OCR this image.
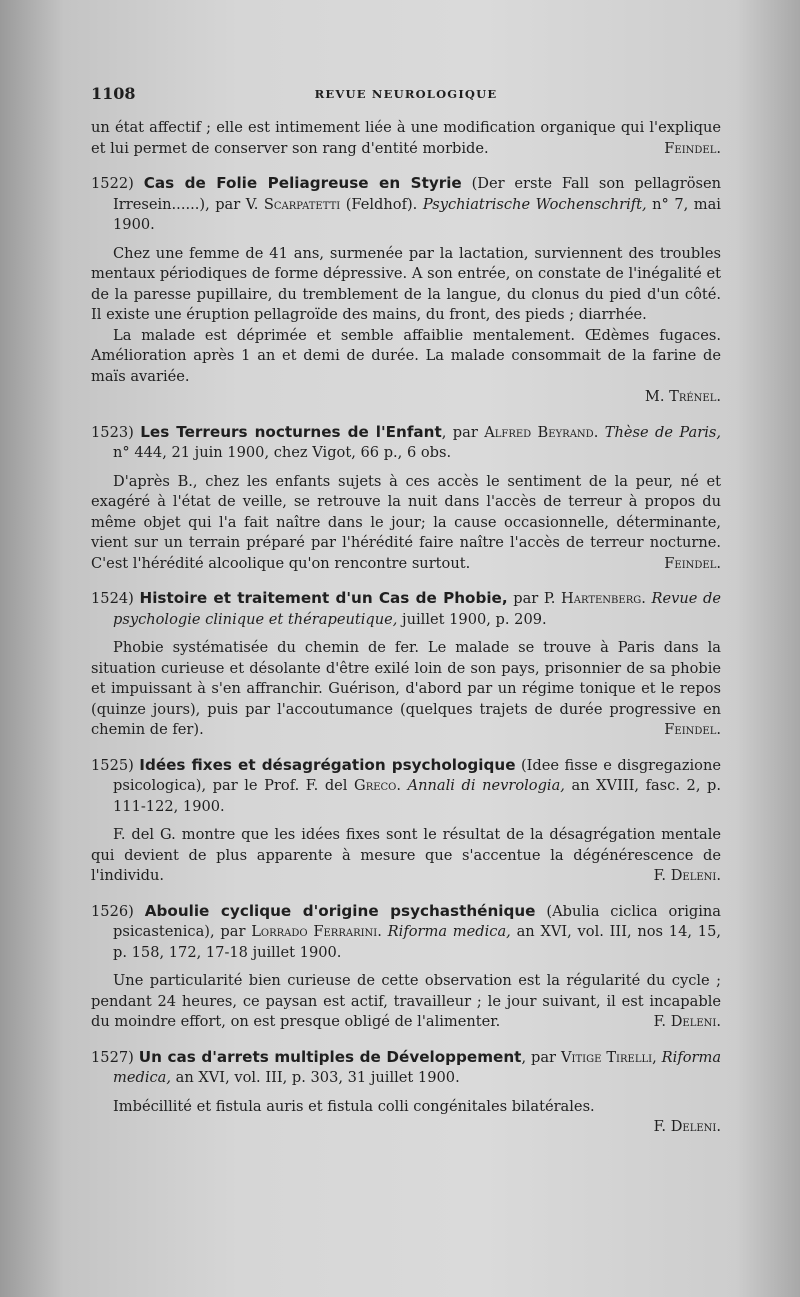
1108	REVUE NEUROLOGIQUE

un état affectif ; elle est intimement liée à une modification organique qui l'explique et lui permet de conserver son rang d'entité morbide.	Feindel.

1522) Cas de Folie Peliagreuse en Styrie (Der erste Fall son pellagrösen Irresein......), par V. Scarpatetti (Feldhof). Psychiatrische Wochenschrift, n° 7, mai 1900.

Chez une femme de 41 ans, surmenée par la lactation, surviennent des troubles mentaux périodiques de forme dépressive. A son entrée, on constate de l'inégalité et de la paresse pupillaire, du tremblement de la langue, du clonus du pied d'un côté. Il existe une éruption pellagroïde des mains, du front, des pieds ; diarrhée.

La malade est déprimée et semble affaiblie mentalement. Œdèmes fugaces. Amélioration après 1 an et demi de durée. La malade consommait de la farine de maïs avariée.

M. Trénel.

1523) Les Terreurs nocturnes de l'Enfant, par Alfred Beyrand. Thèse de Paris, n° 444, 21 juin 1900, chez Vigot, 66 p., 6 obs.

D'après B., chez les enfants sujets à ces accès le sentiment de la peur, né et exagéré à l'état de veille, se retrouve la nuit dans l'accès de terreur à propos du même objet qui l'a fait naître dans le jour; la cause occasionnelle, déterminante, vient sur un terrain préparé par l'hérédité faire naître l'accès de terreur nocturne. C'est l'hérédité alcoolique qu'on rencontre surtout.	Feindel.

1524) Histoire et traitement d'un Cas de Phobie, par P. Hartenberg. Revue de psychologie clinique et thérapeutique, juillet 1900, p. 209.

Phobie systématisée du chemin de fer. Le malade se trouve à Paris dans la situation curieuse et désolante d'être exilé loin de son pays, prisonnier de sa phobie et impuissant à s'en affranchir. Guérison, d'abord par un régime tonique et le repos (quinze jours), puis par l'accoutumance (quelques trajets de durée progressive en chemin de fer).	Feindel.

1525) Idées fixes et désagrégation psychologique (Idee fisse e disgregazione psicologica), par le Prof. F. del Greco. Annali di nevrologia, an XVIII, fasc. 2, p. 111-122, 1900.

F. del G. montre que les idées fixes sont le résultat de la désagrégation mentale qui devient de plus apparente à mesure que s'accentue la dégénérescence de l'individu.	F. Deleni.

1526) Aboulie cyclique d'origine psychasthénique (Abulia ciclica origina psicastenica), par Lorrado Ferrarini. Riforma medica, an XVI, vol. III, nos 14, 15, p. 158, 172, 17-18 juillet 1900.

Une particularité bien curieuse de cette observation est la régularité du cycle ; pendant 24 heures, ce paysan est actif, travailleur ; le jour suivant, il est incapable du moindre effort, on est presque obligé de l'alimenter.	F. Deleni.

1527) Un cas d'arrets multiples de Développement, par Vitige Tirelli, Riforma medica, an XVI, vol. III, p. 303, 31 juillet 1900.

Imbécillité et fistula auris et fistula colli congénitales bilatérales.

F. Deleni.
